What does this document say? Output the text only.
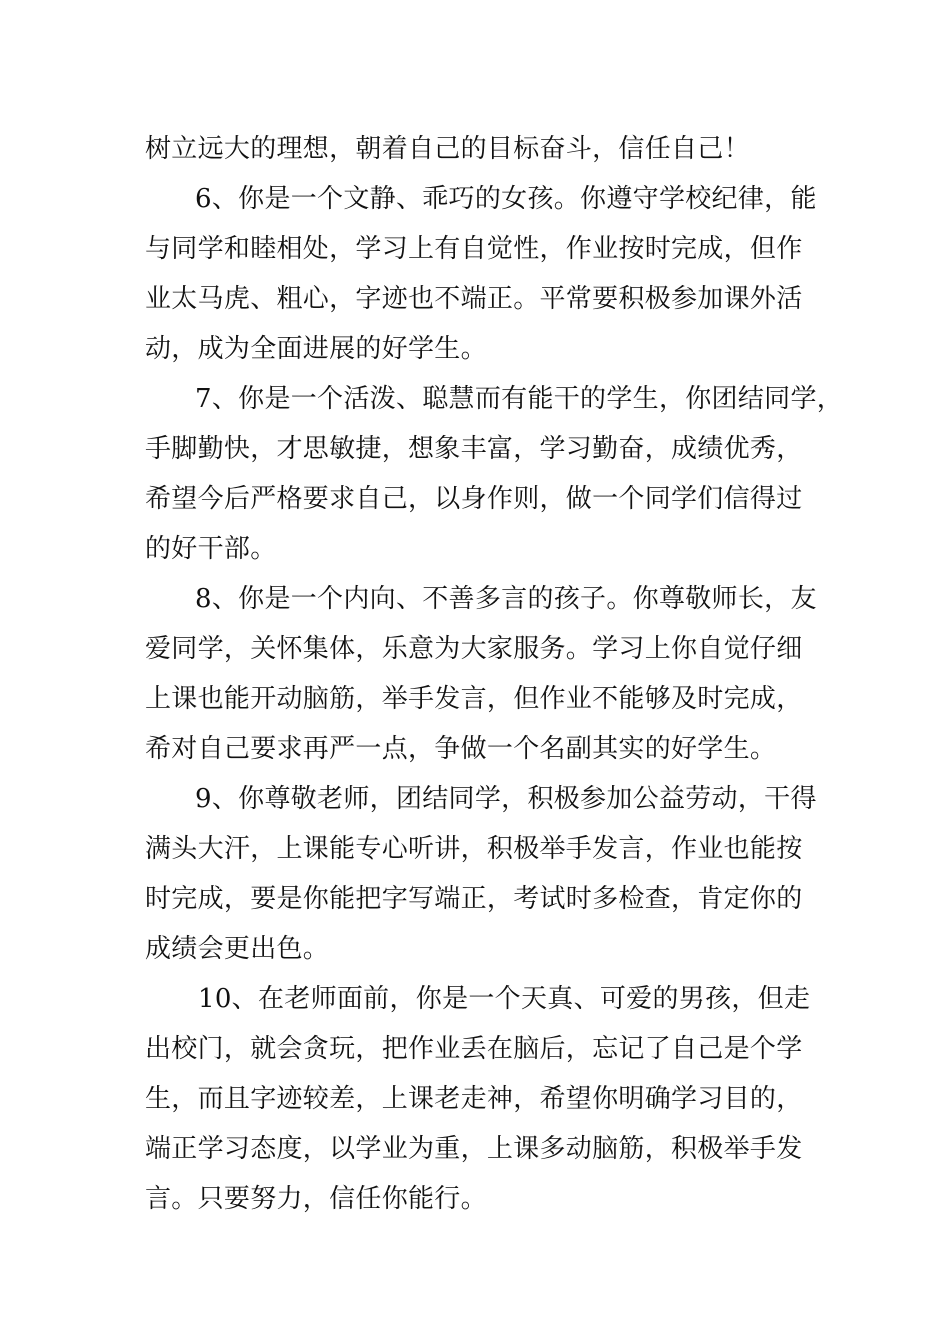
树立远大的理想，朝着自己的目标奋斗，信任自己！
6、你是一个文静、乖巧的女孩。你遵守学校纪律，能
与同学和睦相处，学习上有自觉性，作业按时完成，但作
业太马虎、粗心，字迹也不端正。平常要积极参加课外活
动，成为全面进展的好学生。
7、你是一个活泼、聪慧而有能干的学生，你团结同学，
手脚勤快，才思敏捷，想象丰富，学习勤奋，成绩优秀，
希望今后严格要求自己，以身作则，做一个同学们信得过
的好干部。
8、你是一个内向、不善多言的孩子。你尊敬师长，友
爱同学，关怀集体，乐意为大家服务。学习上你自觉仔细
上课也能开动脑筋，举手发言，但作业不能够及时完成，
希对自己要求再严一点，争做一个名副其实的好学生。
9、你尊敬老师，团结同学，积极参加公益劳动，干得
满头大汗，上课能专心听讲，积极举手发言，作业也能按
时完成，要是你能把字写端正，考试时多检查，肯定你的
成绩会更出色。
10、在老师面前，你是一个天真、可爱的男孩，但走
出校门，就会贪玩，把作业丢在脑后，忘记了自己是个学
生，而且字迹较差，上课老走神，希望你明确学习目的，
端正学习态度，以学业为重，上课多动脑筋，积极举手发
言。只要努力，信任你能行。
